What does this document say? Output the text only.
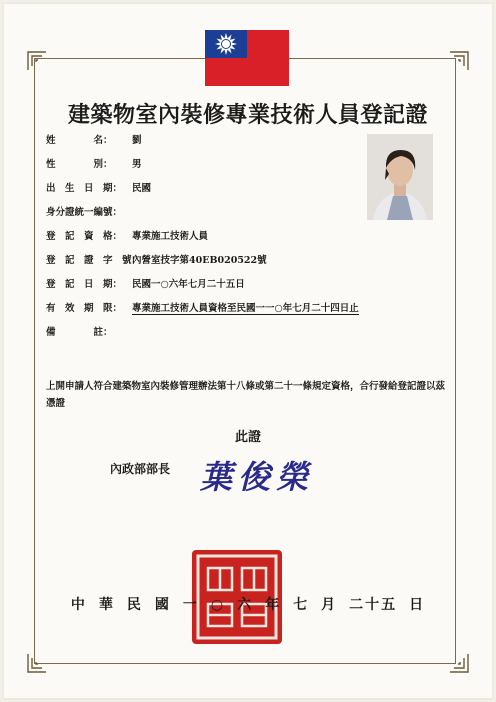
建築物室內裝修專業技術人員登記證
姓　　　　名： 劉
性　　　　別： 男
出　生　日　期： 民國
身分證統一編號：
登　記　資　格： 專業施工技術人員
登　記　證　字　號：內營室技字第40EB020522號
登　記　日　期： 民國一○六年七月二十五日
有　效　期　限： 專業施工技術人員資格至民國一一○年七月二十四日止
備　　　　註：
上開申請人符合建築物室內裝修管理辦法第十八條或第二十一條規定資格，合行發給登記證以茲憑證
此證
內政部部長 葉俊榮
中 華 民 國 一 ○ 六 年 七 月 二十五 日
